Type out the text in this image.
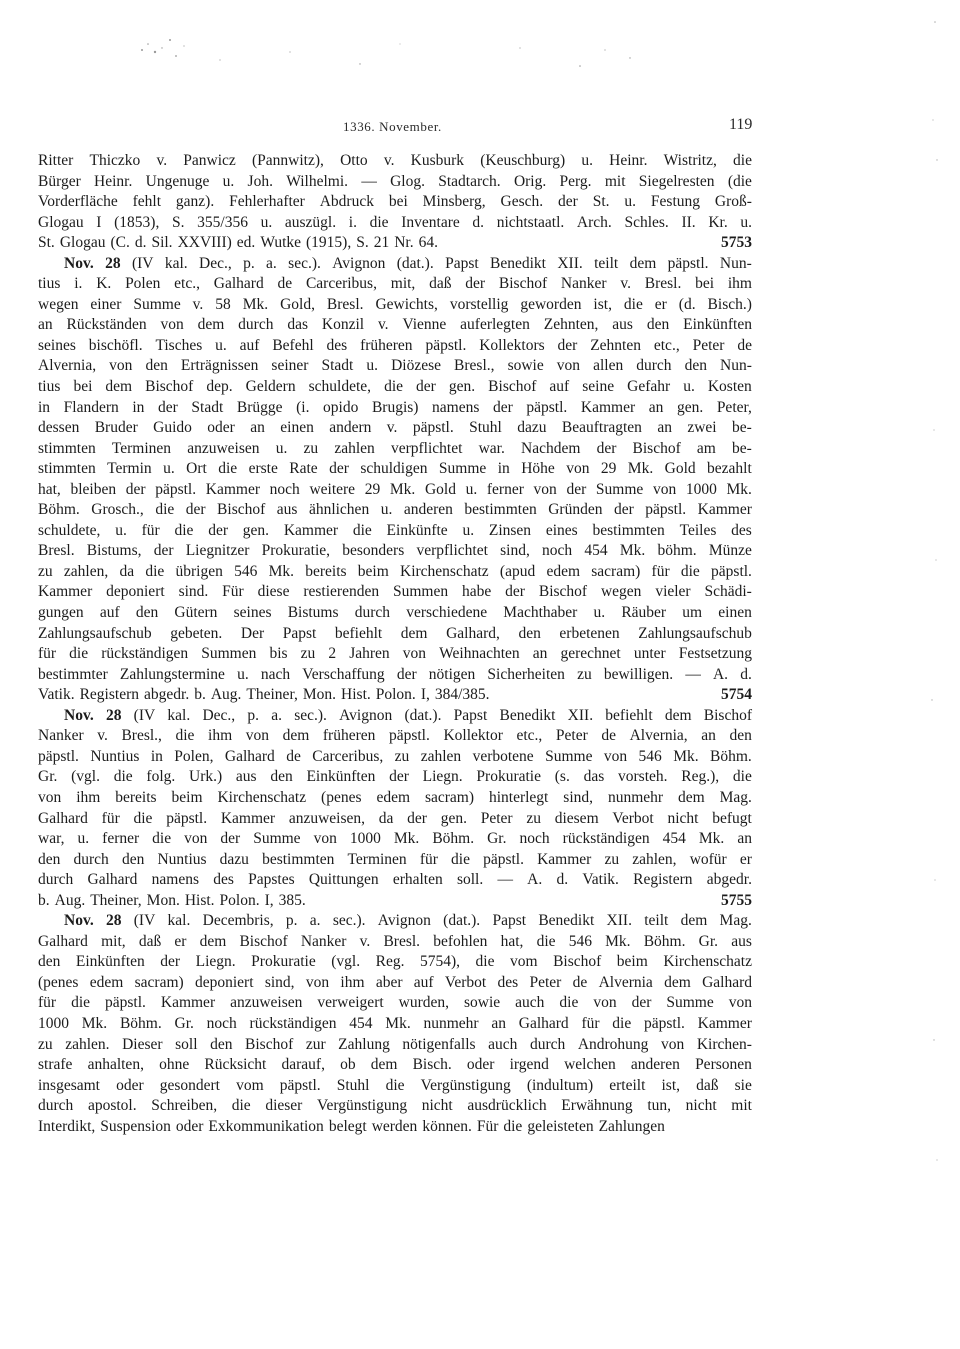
1336. November.	119
Ritter Thiczko v. Panwicz (Pannwitz), Otto v. Kusburk (Keuschburg) u. Heinr. Wistritz, die
Bürger Heinr. Ungenuge u. Joh. Wilhelmi. — Glog. Stadtarch. Orig. Perg. mit Siegelresten (die
Vorderfläche fehlt ganz). Fehlerhafter Abdruck bei Minsberg, Gesch. der St. u. Festung Groß-
Glogau I (1853), S. 355/356 u. auszügl. i. die Inventare d. nichtstaatl. Arch. Schles. II. Kr. u.
St. Glogau (C. d. Sil. XXVIII) ed. Wutke (1915), S. 21 Nr. 64.	5753
Nov. 28 (IV kal. Dec., p. a. sec.). Avignon (dat.). Papst Benedikt XII. teilt dem päpstl. Nun-
tius i. K. Polen etc., Galhard de Carceribus, mit, daß der Bischof Nanker v. Bresl. bei ihm
wegen einer Summe v. 58 Mk. Gold, Bresl. Gewichts, vorstellig geworden ist, die er (d. Bisch.)
an Rückständen von dem durch das Konzil v. Vienne auferlegten Zehnten, aus den Einkünften
seines bischöfl. Tisches u. auf Befehl des früheren päpstl. Kollektors der Zehnten etc., Peter de
Alvernia, von den Erträgnissen seiner Stadt u. Diözese Bresl., sowie von allen durch den Nun-
tius bei dem Bischof dep. Geldern schuldete, die der gen. Bischof auf seine Gefahr u. Kosten
in Flandern in der Stadt Brügge (i. opido Brugis) namens der päpstl. Kammer an gen. Peter,
dessen Bruder Guido oder an einen andern v. päpstl. Stuhl dazu Beauftragten an zwei be-
stimmten Terminen anzuweisen u. zu zahlen verpflichtet war. Nachdem der Bischof am be-
stimmten Termin u. Ort die erste Rate der schuldigen Summe in Höhe von 29 Mk. Gold bezahlt
hat, bleiben der päpstl. Kammer noch weitere 29 Mk. Gold u. ferner von der Summe von 1000 Mk.
Böhm. Grosch., die der Bischof aus ähnlichen u. anderen bestimmten Gründen der päpstl. Kammer
schuldete, u. für die der gen. Kammer die Einkünfte u. Zinsen eines bestimmten Teiles des
Bresl. Bistums, der Liegnitzer Prokuratie, besonders verpflichtet sind, noch 454 Mk. böhm. Münze
zu zahlen, da die übrigen 546 Mk. bereits beim Kirchenschatz (apud edem sacram) für die päpstl.
Kammer deponiert sind. Für diese restierenden Summen habe der Bischof wegen vieler Schädi-
gungen auf den Gütern seines Bistums durch verschiedene Machthaber u. Räuber um einen
Zahlungsaufschub gebeten. Der Papst befiehlt dem Galhard, den erbetenen Zahlungsaufschub
für die rückständigen Summen bis zu 2 Jahren von Weihnachten an gerechnet unter Festsetzung
bestimmter Zahlungstermine u. nach Verschaffung der nötigen Sicherheiten zu bewilligen. — A. d.
Vatik. Registern abgedr. b. Aug. Theiner, Mon. Hist. Polon. I, 384/385.	5754
Nov. 28 (IV kal. Dec., p. a. sec.). Avignon (dat.). Papst Benedikt XII. befiehlt dem Bischof
Nanker v. Bresl., die ihm von dem früheren päpstl. Kollektor etc., Peter de Alvernia, an den
päpstl. Nuntius in Polen, Galhard de Carceribus, zu zahlen verbotene Summe von 546 Mk. Böhm.
Gr. (vgl. die folg. Urk.) aus den Einkünften der Liegn. Prokuratie (s. das vorsteh. Reg.), die
von ihm bereits beim Kirchenschatz (penes edem sacram) hinterlegt sind, nunmehr dem Mag.
Galhard für die päpstl. Kammer anzuweisen, da der gen. Peter zu diesem Verbot nicht befugt
war, u. ferner die von der Summe von 1000 Mk. Böhm. Gr. noch rückständigen 454 Mk. an
den durch den Nuntius dazu bestimmten Terminen für die päpstl. Kammer zu zahlen, wofür er
durch Galhard namens des Papstes Quittungen erhalten soll. — A. d. Vatik. Registern abgedr.
b. Aug. Theiner, Mon. Hist. Polon. I, 385.	5755
Nov. 28 (IV kal. Decembris, p. a. sec.). Avignon (dat.). Papst Benedikt XII. teilt dem Mag.
Galhard mit, daß er dem Bischof Nanker v. Bresl. befohlen hat, die 546 Mk. Böhm. Gr. aus
den Einkünften der Liegn. Prokuratie (vgl. Reg. 5754), die vom Bischof beim Kirchenschatz
(penes edem sacram) deponiert sind, von ihm aber auf Verbot des Peter de Alvernia dem Galhard
für die päpstl. Kammer anzuweisen verweigert wurden, sowie auch die von der Summe von
1000 Mk. Böhm. Gr. noch rückständigen 454 Mk. nunmehr an Galhard für die päpstl. Kammer
zu zahlen. Dieser soll den Bischof zur Zahlung nötigenfalls auch durch Androhung von Kirchen-
strafe anhalten, ohne Rücksicht darauf, ob dem Bisch. oder irgend welchen anderen Personen
insgesamt oder gesondert vom päpstl. Stuhl die Vergünstigung (indultum) erteilt ist, daß sie
durch apostol. Schreiben, die dieser Vergünstigung nicht ausdrücklich Erwähnung tun, nicht mit
Interdikt, Suspension oder Exkommunikation belegt werden können. Für die geleisteten Zahlungen
